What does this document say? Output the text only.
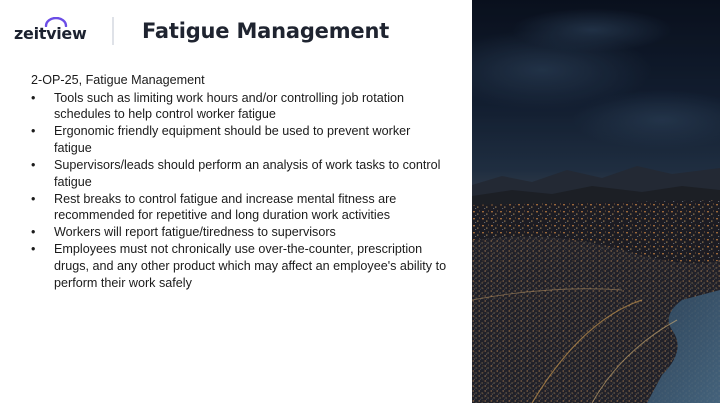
zeitview	Fatigue Management
2-OP-25, Fatigue Management
• Tools such as limiting work hours and/or controlling job rotation schedules to help control worker fatigue
• Ergonomic friendly equipment should be used to prevent worker fatigue
• Supervisors/leads should perform an analysis of work tasks to control fatigue
• Rest breaks to control fatigue and increase mental fitness are recommended for repetitive and long duration work activities
• Workers will report fatigue/tiredness to supervisors
• Employees must not chronically use over-the-counter, prescription drugs, and any other product which may affect an employee's ability to perform their work safely
